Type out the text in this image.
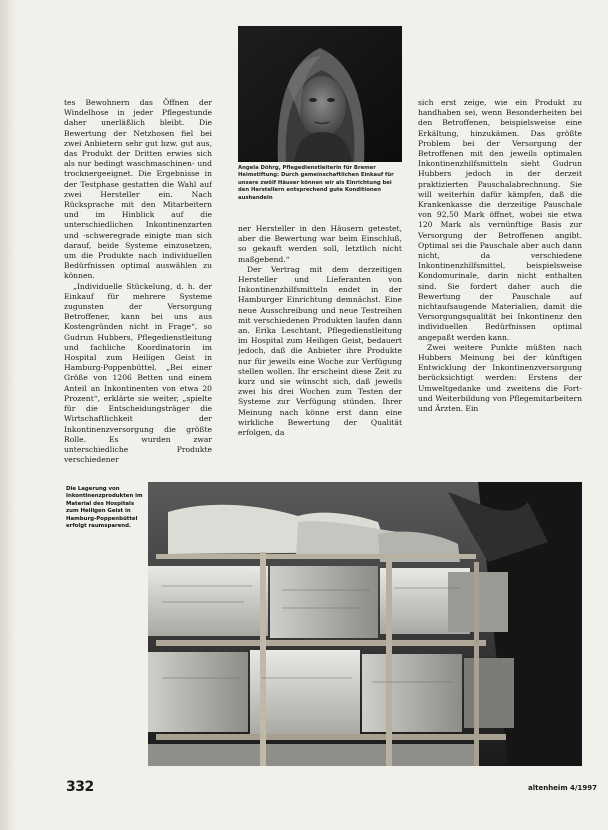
Angela Döhrg, Pflegedienstleiterin für Bremer Heimstiftung: Durch gemeinschaftlichen Einkauf für unsere zwölf Häuser können wir als Einrichtung bei den Herstellern entsprechend gute Konditionen aushandeln

tes Bewohnern das Öffnen der Windelhose in jeder Pflegestunde daher unerläßlich bleibt. Die Bewertung der Netzhosen fiel bei zwei Anbietern sehr gut bzw. gut aus, das Produkt der Dritten erwies sich als nur bedingt waschmaschinen- und trocknergeeignet. Die Ergebnisse in der Testphase gestatten die Wahl auf zwei Hersteller ein. Nach Rücksprache mit den Mitarbeitern und im Hinblick auf die unterschiedlichen Inkontinenzarten und -schweregrade einigte man sich darauf, beide Systeme einzusetzen, um die Produkte nach individuellen Bedürfnissen optimal auswählen zu können.

„Individuelle Stückelung, d. h. der Einkauf für mehrere Systeme zugunsten der Versorgung Betroffener, kann bei uns aus Kostengründen nicht in Frage“, so Gudrun Hubbers, Pflegedienstleitung und fachliche Koordinatorin im Hospital zum Heiligen Geist in Hamburg-Poppenbüttel. „Bei einer Größe von 1206 Betten und einem Anteil an Inkontinenten von etwa 20 Prozent“, erklärte sie weiter, „spielte für die Entscheidungsträger die Wirtschaftlichkeit der Inkontinenzversorgung die größte Rolle. Es wurden zwar unterschiedliche Produkte verschiedener

ner Hersteller in den Häusern getestet, aber die Bewertung war beim Einschluß, so gekauft werden soll, letztlich nicht maßgebend.“

Der Vertrag mit dem derzeitigen Hersteller und Lieferanten von Inkontinenzhilfsmitteln endet in der Hamburger Einrichtung demnächst. Eine neue Ausschreibung und neue Testreihen mit verschiedenen Produkten laufen dann an. Erika Leschtant, Pflegedienstleitung im Hospital zum Heiligen Geist, bedauert jedoch, daß die Anbieter ihre Produkte nur für jeweils eine Woche zur Verfügung stellen wollen. Ihr erscheint diese Zeit zu kurz und sie wünscht sich, daß jeweils zwei bis drei Wochen zum Testen der Systeme zur Verfügung stünden. Ihrer Meinung nach könne erst dann eine wirkliche Bewertung der Qualität erfolgen, da

sich erst zeige, wie ein Produkt zu handhaben sei, wenn Besonderheiten bei den Betroffenen, beispielsweise eine Erkältung, hinzukämen. Das größte Problem bei der Versorgung der Betroffenen mit den jeweils optimalen Inkontinenzhilfsmitteln sieht Gudrun Hubbers jedoch in der derzeit praktizierten Pauschalabrechnung. Sie will weiterhin dafür kämpfen, daß die Krankenkasse die derzeitige Pauschale von 92,50 Mark öffnet, wobei sie etwa 120 Mark als vernünftige Basis zur Versorgung der Betroffenen angibt. Optimal sei die Pauschale aber auch dann nicht, da verschiedene Inkontinenzhilfsmittel, beispielsweise Kondomurinale, darin nicht enthalten sind. Sie fordert daher auch die Bewertung der Pauschale auf nichtaufsaugende Materialien, damit die Versorgungsqualität bei Inkontinenz den individuellen Bedürfnissen optimal angepaßt werden kann.

Zwei weitere Punkte müßten nach Hubbers Meinung bei der künftigen Entwicklung der Inkontinenzversorgung berücksichtigt werden: Erstens der Umweltgedanke und zweitens die Fort- und Weiterbildung von Pflegemitarbeitern und Ärzten. Ein

Die Lagerung von Inkontinenzprodukten im Material des Hospitals zum Heiligen Geist in Hamburg-Poppenbüttel erfolgt raumsparend.
332	altenheim 4/1997
